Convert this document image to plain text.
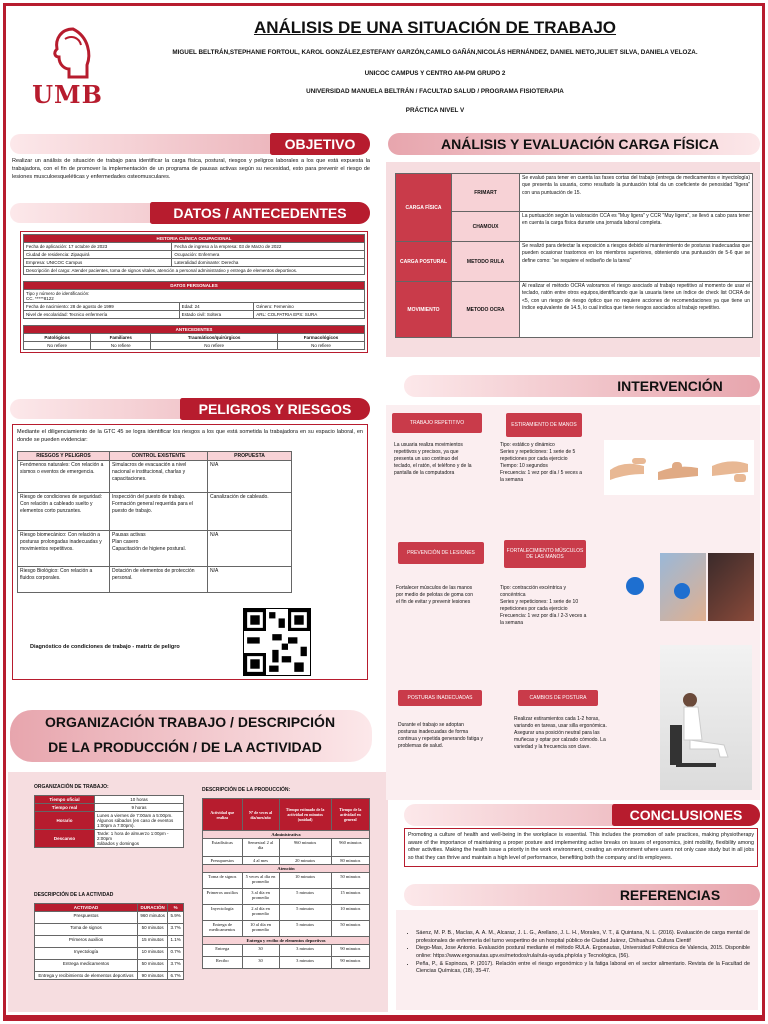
UMB
ANÁLISIS DE UNA SITUACIÓN DE TRABAJO
MIGUEL BELTRÁN,STEPHANIE FORTOUL, KAROL GONZÁLEZ,ESTEFANY GARZÓN,CAMILO GAÑÁN,NICOLÁS HERNÁNDEZ, DANIEL NIETO,JULIET SILVA, DANIELA VELOZA.
UNICOC CAMPUS Y CENTRO AM-PM GRUPO 2
UNIVERSIDAD MANUELA BELTRÁN / FACULTAD SALUD / PROGRAMA FISIOTERAPIA
PRÁCTICA NIVEL V
OBJETIVO
Realizar un análisis de situación de trabajo para identificar la carga física, postural, riesgos y peligros laborales a los que está expuesta la trabajadora, con el fin de promover la implementación de un programa de pausas activas según su necesidad, esto para prevenir el riesgo de lesiones musculoesqueléticas y enfermedades osteomusculares.
DATOS / ANTECEDENTES
HISTORIA CLÍNICA OCUPACIONAL	
Fecha de aplicación: 17 octubre de 2023	Fecha de ingreso a la empresa: 03 de Marzo de 2022
Ciudad de residencia: Zipaquirá	Ocupación: Enfermera
Empresa: UNICOC Campus	Lateralidad dominante: Derecha
Descripción del cargo: Atender pacientes, toma de signos vitales, atención a personal administrativo y entrega de elementos deportivos.	
DATOS PERSONALES		

Tipo y número de identificación:
CC. *****8122		

Fecha de nacimiento: 28 de agosto de 1999	Edad: 24	Género: Femenino
Nivel de escolaridad: Tecnico enfermería	Estado civil: Soltera	ARL: COLPATRIA EPS: SURA
ANTECEDENTES			
Patológicos	Familiares	Traumáticos/quirúrgicos	Farmacológicos
No refiere	No refiere	No refiere	No refiere
PELIGROS Y RIESGOS
Mediante el diligenciamiento de la GTC 45 se logra identificar los riesgos a los que está sometida la trabajadora en su espacio laboral, en donde se pueden evidenciar:
RIESGOS Y PELIGROS	CONTROL EXISTENTE	PROPUESTA
Fenómenos naturales: Con relación a sismos o eventos de emergencia.	Simulacros de evacuación a nivel nacional e institucional, charlas y capacitaciones.	N/A
Riesgo de condiciones de seguridad: Con relación a cableado suelto y elementos corto punzantes.	Inspección del puesto de trabajo. Formación general requerida para el puesto de trabajo.	Canalización de cableado.
Riesgo biomecánico: Con relación a posturas prolongadas inadecuadas y movimientos repetitivos.	Pausas activas
Plan casero
Capacitación de higiene postural.	N/A
Riesgo Biológico: Con relación a fluidos corporales.	Dotación de elementos de protección personal.	N/A
Diagnóstico de condiciones de trabajo - matriz de peligro
ORGANIZACIÓN TRABAJO / DESCRIPCIÓN
DE LA PRODUCCIÓN / DE LA ACTIVIDAD
ORGANIZACIÓN DE TRABAJO:
Tiempo oficial	10 horas
Tiempo real	9 horas
Horario	Lunes a viernes de 7:00am a 5:00pm.
Algunos sábados (en caso de eventos 1:00pm a 7:00pm).

Descanso	Tarde: 1 hora de almuerzo 1:00pm - 2:00pm
Sábados y domingos
DESCRIPCIÓN DE LA ACTIVIDAD
ACTIVIDAD	DURACIÓN	%
Prespuestos	960 minutos	5.9%
Toma de signos	50 minutos	3.7%
Primeros auxilios	15 minutos	1.1%
Inyectología	10 minutos	0.7%
Entrega medicamentos	50 minutos	3.7%
Entrega y recibimiento de elementos deportivos	90 minutos	6.7%
DESCRIPCIÓN DE LA PRODUCCIÓN:
Actividad que realiza	Nº de veces al día/mes/año	Tiempo estimado de la actividad en minutos (unidad)	Tiempo de la actividad en general
Administrativa			
Estadísticas	Semestral 2 al día	960 minutos	960 minutos
Presupuestos	4 al mes	20 minutos	80 minutos
Atención			
Toma de signos	5 veces al día en promedio	10 minutos	50 minutos
Primeros auxilios	3 al día en promedio	5 minutos	15 minutos
Inyectología	2 al día en promedio	5 minutos	10 minutos
Entrega de medicamentos	10 al día en promedio	5 minutos	50 minutos
Entrega y recibo de elementos deportivos			
Entrega	30	3 minutos	90 minutos
Recibo	30	3 minutos	90 minutos
ANÁLISIS Y EVALUACIÓN CARGA FÍSICA
CARGA FÍSICA	FRIMART	Se evaluó para tener en cuenta las fases cortas del trabajo (entrega de medicamentos e inyectología) que presenta la usuaria, como resultado la puntuación total da un coeficiente de penosidad "ligera" con una puntuación de 15.
	CHAMOUX	La puntuación según la valoración CCA es "Muy ligera" y CCR "Muy ligera", se llevó a cabo para tener en cuenta la carga física durante una jornada laboral completa.
CARGA POSTURAL	METODO RULA	Se realizó para detectar la exposición a riesgos debido al mantenimiento de posturas inadecuadas que pueden ocasionar trastornos en los miembros superiores, obteniendo una puntuación de 5-6 que se define como: "se requiere el rediseño de la tarea"
MOVIMIENTO	METODO OCRA	Al realizar el método OCRA valoramos el riesgo asociado al trabajo repetitivo al momento de usar el teclado, ratón entre otros equipos,identificando que la usuaria tiene un índice de check list OCRA de <5, con un riesgo de riesgo óptico que no requiere acciones de recomendaciones ya que tiene un índice equivalente de 14.5, lo cual indica que tiene riesgos asociados al trabajo repetitivo.
INTERVENCIÓN
TRABAJO REPETITIVO	ESTIRAMIENTO DE MANOS
La usuaria realiza movimientos repetitivos y precisos, ya que presenta un uso continuo del teclado, el ratón, el teléfono y de la pantalla de la computadora
Tipo: estático y dinámico
Series y repeticiones: 1 serie de 5 repeticiones por cada ejercicio
Tiempo: 10 segundos
Frecuencia: 1 vez por día / 5 veces a la semana
PREVENCIÓN DE LESIONES	FORTALECIMIENTO MÚSCULOS DE LAS MANOS
Fortalecer músculos de las manos por medio de pelotas de goma con el fin de evitar y prevenir lesiones
Tipo: contracción excéntrica y concéntrica
Series y repeticiones: 1 serie de 10 repeticiones por cada ejercicio
Frecuencia: 1 vez por día / 2-3 veces a la semana
POSTURAS INADECUADAS	CAMBIOS DE POSTURA
Durante el trabajo se adoptan posturas inadecuadas de forma continua y repetida generando fatiga y problemas de salud.
Realizar estiramientos cada 1-2 horas, variando en tareas, usar silla ergonómica. Asegurar una posición neutral para las muñecas y optar por calzado cómodo. La variedad y la frecuencia son clave.
CONCLUSIONES
Promoting a culture of health and well-being in the workplace is essential. This includes the promotion of safe practices, making physiotherapy aware of the importance of maintaining a proper posture and implementing active breaks on issues of ergonomics, joint mobility, flexibility among other activities. Making the health issue a priority in the work environment, creating an environment where users not only case study but in all jobs so that they can thrive and maintain a high level of performance, benefiting both the company and its employees.
REFERENCIAS
• Sáenz, M. P. B., Macías, A. A. M., Alcaraz, J. L. G., Arellano, J. L. H., Morales, V. T., & Quintana, N. L. (2016). Evaluación de carga mental de profesionales de enfermería del turno vespertino de un hospital público de Ciudad Juárez, Chihuahua. Cultura Cientif
• Diego-Mas, Jose Antonio. Evaluación postural mediante el método RULA. Ergonautas, Universidad Politécnica de Valencia, 2015. Disponible online: https://www.ergonautas.upv.es/metodos/rula/rula-ayuda.php/ola y Tecnológica, (56).
• Peña, P., & Espinoza, P. (2017). Relación entre el riesgo ergonómico y la fatiga laboral en el sector alimentario. Revista de la Facultad de Ciencias Químicas, (18), 35-47.
